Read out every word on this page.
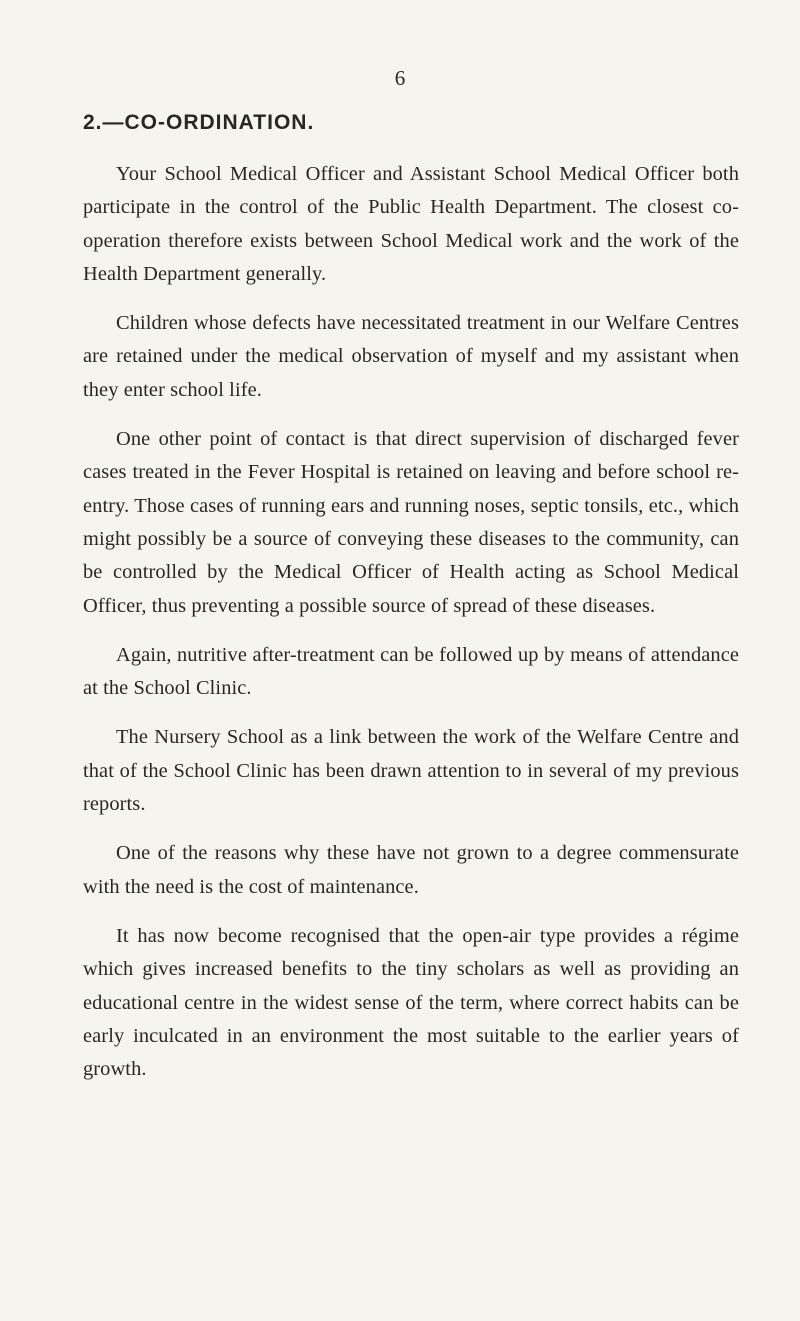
6
2.—CO-ORDINATION.

Your School Medical Officer and Assistant School Medical Officer both participate in the control of the Public Health Department. The closest co-operation therefore exists between School Medical work and the work of the Health Department generally.

Children whose defects have necessitated treatment in our Welfare Centres are retained under the medical observation of myself and my assistant when they enter school life.

One other point of contact is that direct supervision of discharged fever cases treated in the Fever Hospital is retained on leaving and before school re-entry. Those cases of running ears and running noses, septic tonsils, etc., which might possibly be a source of conveying these diseases to the community, can be controlled by the Medical Officer of Health acting as School Medical Officer, thus preventing a possible source of spread of these diseases.

Again, nutritive after-treatment can be followed up by means of attendance at the School Clinic.

The Nursery School as a link between the work of the Welfare Centre and that of the School Clinic has been drawn attention to in several of my previous reports.

One of the reasons why these have not grown to a degree commensurate with the need is the cost of maintenance.

It has now become recognised that the open-air type provides a régime which gives increased benefits to the tiny scholars as well as providing an educational centre in the widest sense of the term, where correct habits can be early inculcated in an environment the most suitable to the earlier years of growth.
